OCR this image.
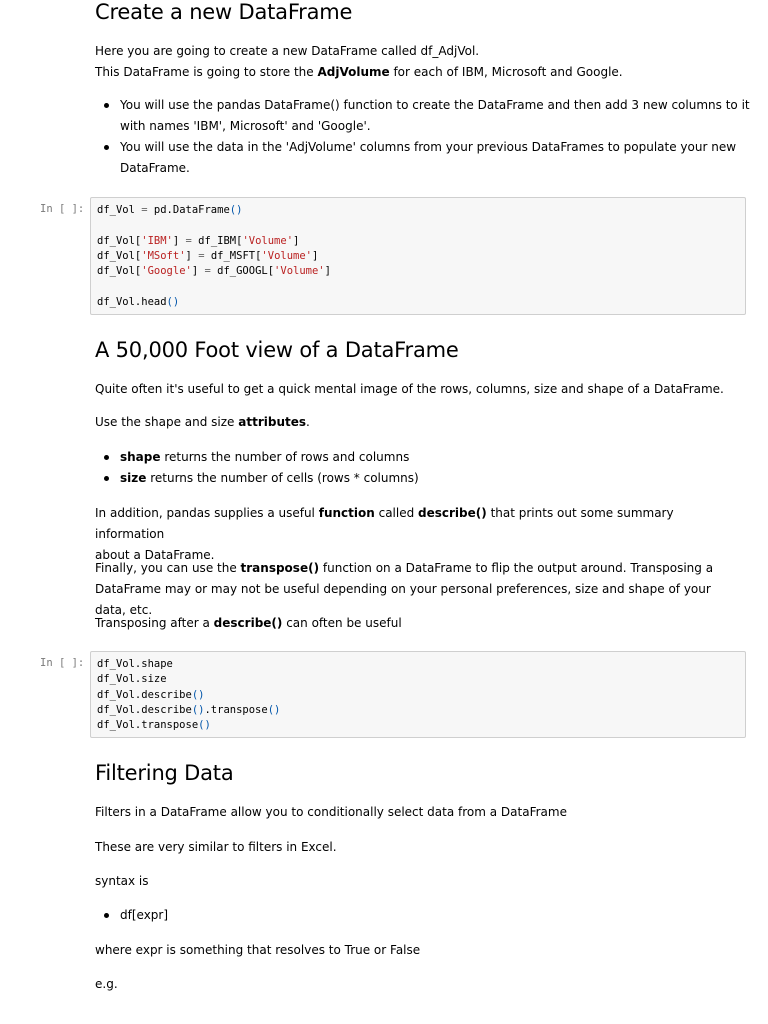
Create a new DataFrame

Here you are going to create a new DataFrame called df_AdjVol.

This DataFrame is going to store the AdjVolume for each of IBM, Microsoft and Google.

You will use the pandas DataFrame() function to create the DataFrame and then add 3 new columns to it
with names 'IBM', Microsoft' and 'Google'.
You will use the data in the 'AdjVolume' columns from your previous DataFrames to populate your new
DataFrame.
In [ ]:	df_Vol = pd.DataFrame()

df_Vol['IBM'] = df_IBM['Volume']
df_Vol['MSoft'] = df_MSFT['Volume']
df_Vol['Google'] = df_GOOGL['Volume']

df_Vol.head()
A 50,000 Foot view of a DataFrame

Quite often it's useful to get a quick mental image of the rows, columns, size and shape of a DataFrame.

Use the shape and size attributes.

shape returns the number of rows and columns
size returns the number of cells (rows * columns)

In addition, pandas supplies a useful function called describe() that prints out some summary information
about a DataFrame.

Finally, you can use the transpose() function on a DataFrame to flip the output around. Transposing a
DataFrame may or may not be useful depending on your personal preferences, size and shape of your data, etc.

Transposing after a describe() can often be useful

In [ ]:	df_Vol.shape
df_Vol.size
df_Vol.describe()
df_Vol.describe().transpose()
df_Vol.transpose()
Filtering Data

Filters in a DataFrame allow you to conditionally select data from a DataFrame

These are very similar to filters in Excel.

syntax is

df[expr]

where expr is something that resolves to True or False

e.g.
